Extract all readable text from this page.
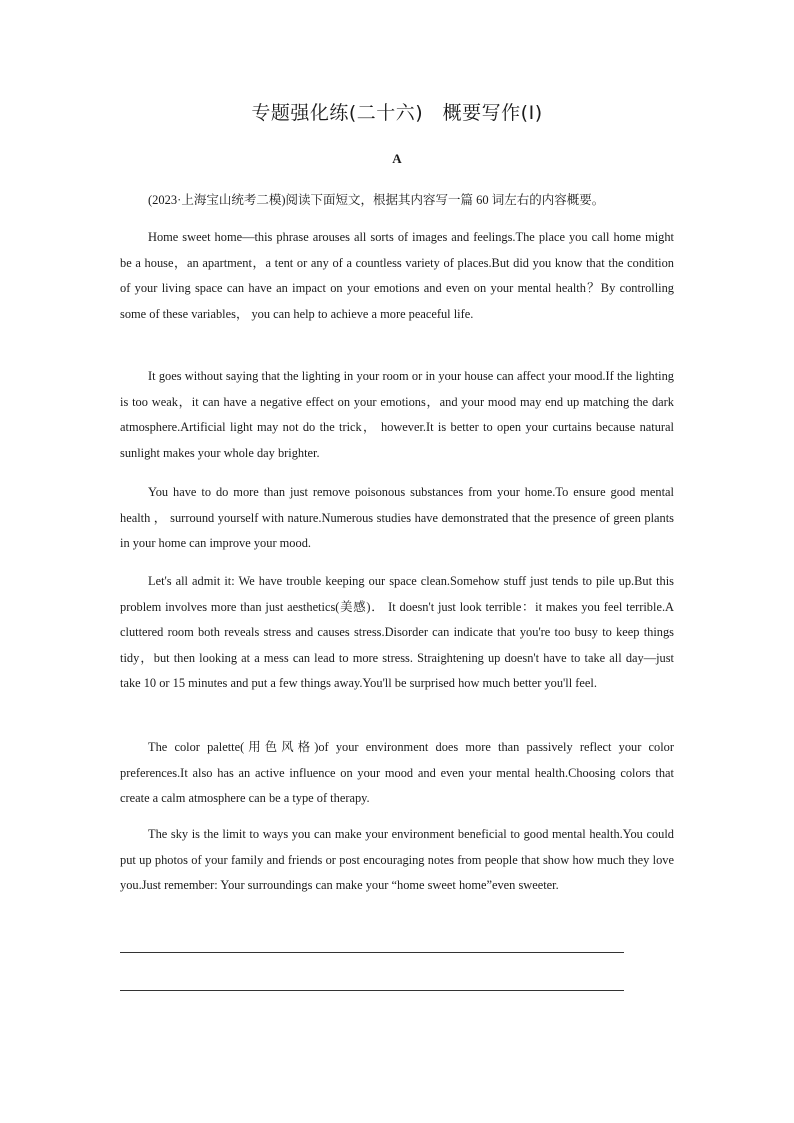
专题强化练(二十六)　概要写作(Ⅰ)
A
(2023·上海宝山统考二模)阅读下面短文，根据其内容写一篇 60 词左右的内容概要。

Home sweet home—this phrase arouses all sorts of images and feelings.The place you call home might be a house，an apartment，a tent or any of a countless variety of places.But did you know that the condition of your living space can have an impact on your emotions and even on your mental health？By controlling some of these variables， you can help to achieve a more peaceful life.

It goes without saying that the lighting in your room or in your house can affect your mood.If the lighting is too weak，it can have a negative effect on your emotions，and your mood may end up matching the dark atmosphere.Artificial light may not do the trick， however.It is better to open your curtains because natural sunlight makes your whole day brighter.

You have to do more than just remove poisonous substances from your home.To ensure good mental health ， surround yourself with nature.Numerous studies have demonstrated that the presence of green plants in your home can improve your mood.

Let's all admit it: We have trouble keeping our space clean.Somehow stuff just tends to pile up.But this problem involves more than just aesthetics(美感)． It doesn't just look terrible：it makes you feel terrible.A cluttered room both reveals stress and causes stress.Disorder can indicate that you're too busy to keep things tidy，but then looking at a mess can lead to more stress. Straightening up doesn't have to take all day—just take 10 or 15 minutes and put a few things away.You'll be surprised how much better you'll feel.

The color palette(用色风格)of your environment does more than passively reflect your color preferences.It also has an active influence on your mood and even your mental health.Choosing colors that create a calm atmosphere can be a type of therapy.

The sky is the limit to ways you can make your environment beneficial to good mental health.You could put up photos of your family and friends or post encouraging notes from people that show how much they love you.Just remember: Your surroundings can make your “home sweet home”even sweeter.
